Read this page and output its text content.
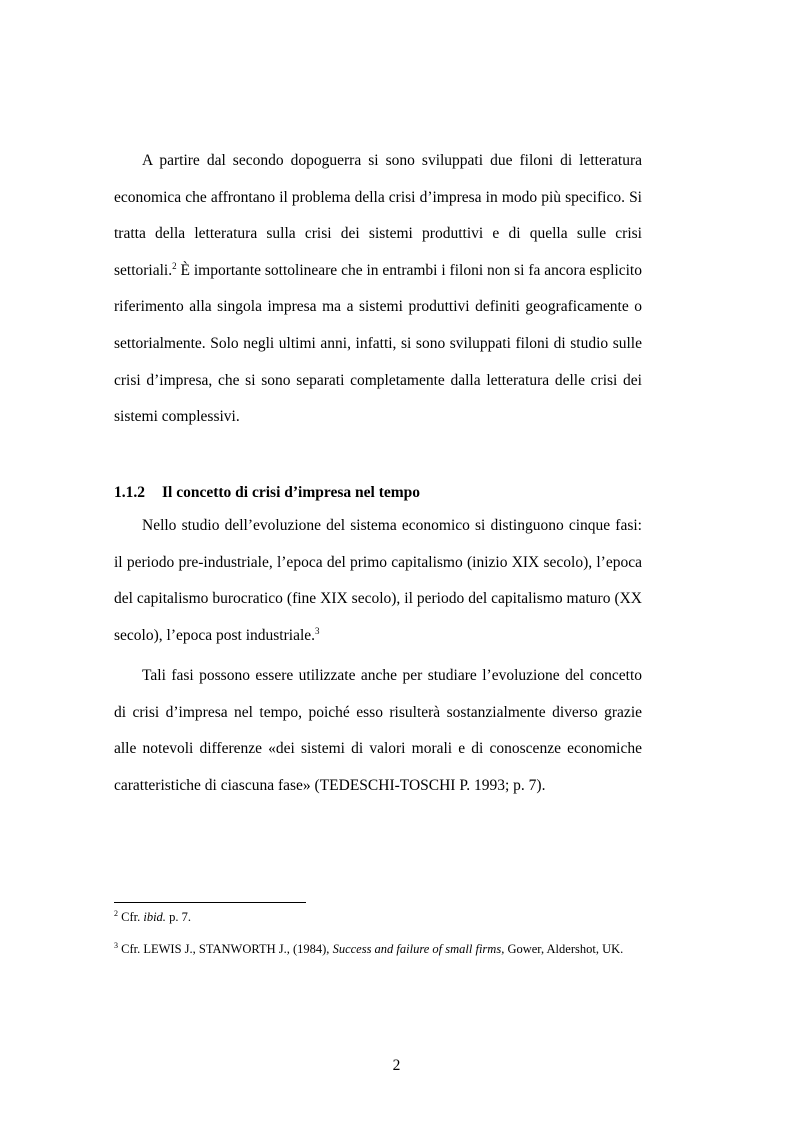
A partire dal secondo dopoguerra si sono sviluppati due filoni di letteratura economica che affrontano il problema della crisi d’impresa in modo più specifico. Si tratta della letteratura sulla crisi dei sistemi produttivi e di quella sulle crisi settoriali.$^2$ È importante sottolineare che in entrambi i filoni non si fa ancora esplicito riferimento alla singola impresa ma a sistemi produttivi definiti geograficamente o settorialmente. Solo negli ultimi anni, infatti, si sono sviluppati filoni di studio sulle crisi d’impresa, che si sono separati completamente dalla letteratura delle crisi dei sistemi complessivi.

1.1.2 Il concetto di crisi d’impresa nel tempo

Nello studio dell’evoluzione del sistema economico si distinguono cinque fasi: il periodo pre-industriale, l’epoca del primo capitalismo (inizio XIX secolo), l’epoca del capitalismo burocratico (fine XIX secolo), il periodo del capitalismo maturo (XX secolo), l’epoca post industriale.$^3$

Tali fasi possono essere utilizzate anche per studiare l’evoluzione del concetto di crisi d’impresa nel tempo, poiché esso risulterà sostanzialmente diverso grazie alle notevoli differenze «dei sistemi di valori morali e di conoscenze economiche caratteristiche di ciascuna fase» (TEDESCHI-TOSCHI P. 1993; p. 7).

$^2$ Cfr. ibid. p. 7.

$^3$ Cfr. LEWIS J., STANWORTH J., (1984), Success and failure of small firms, Gower, Aldershot, UK.

2
